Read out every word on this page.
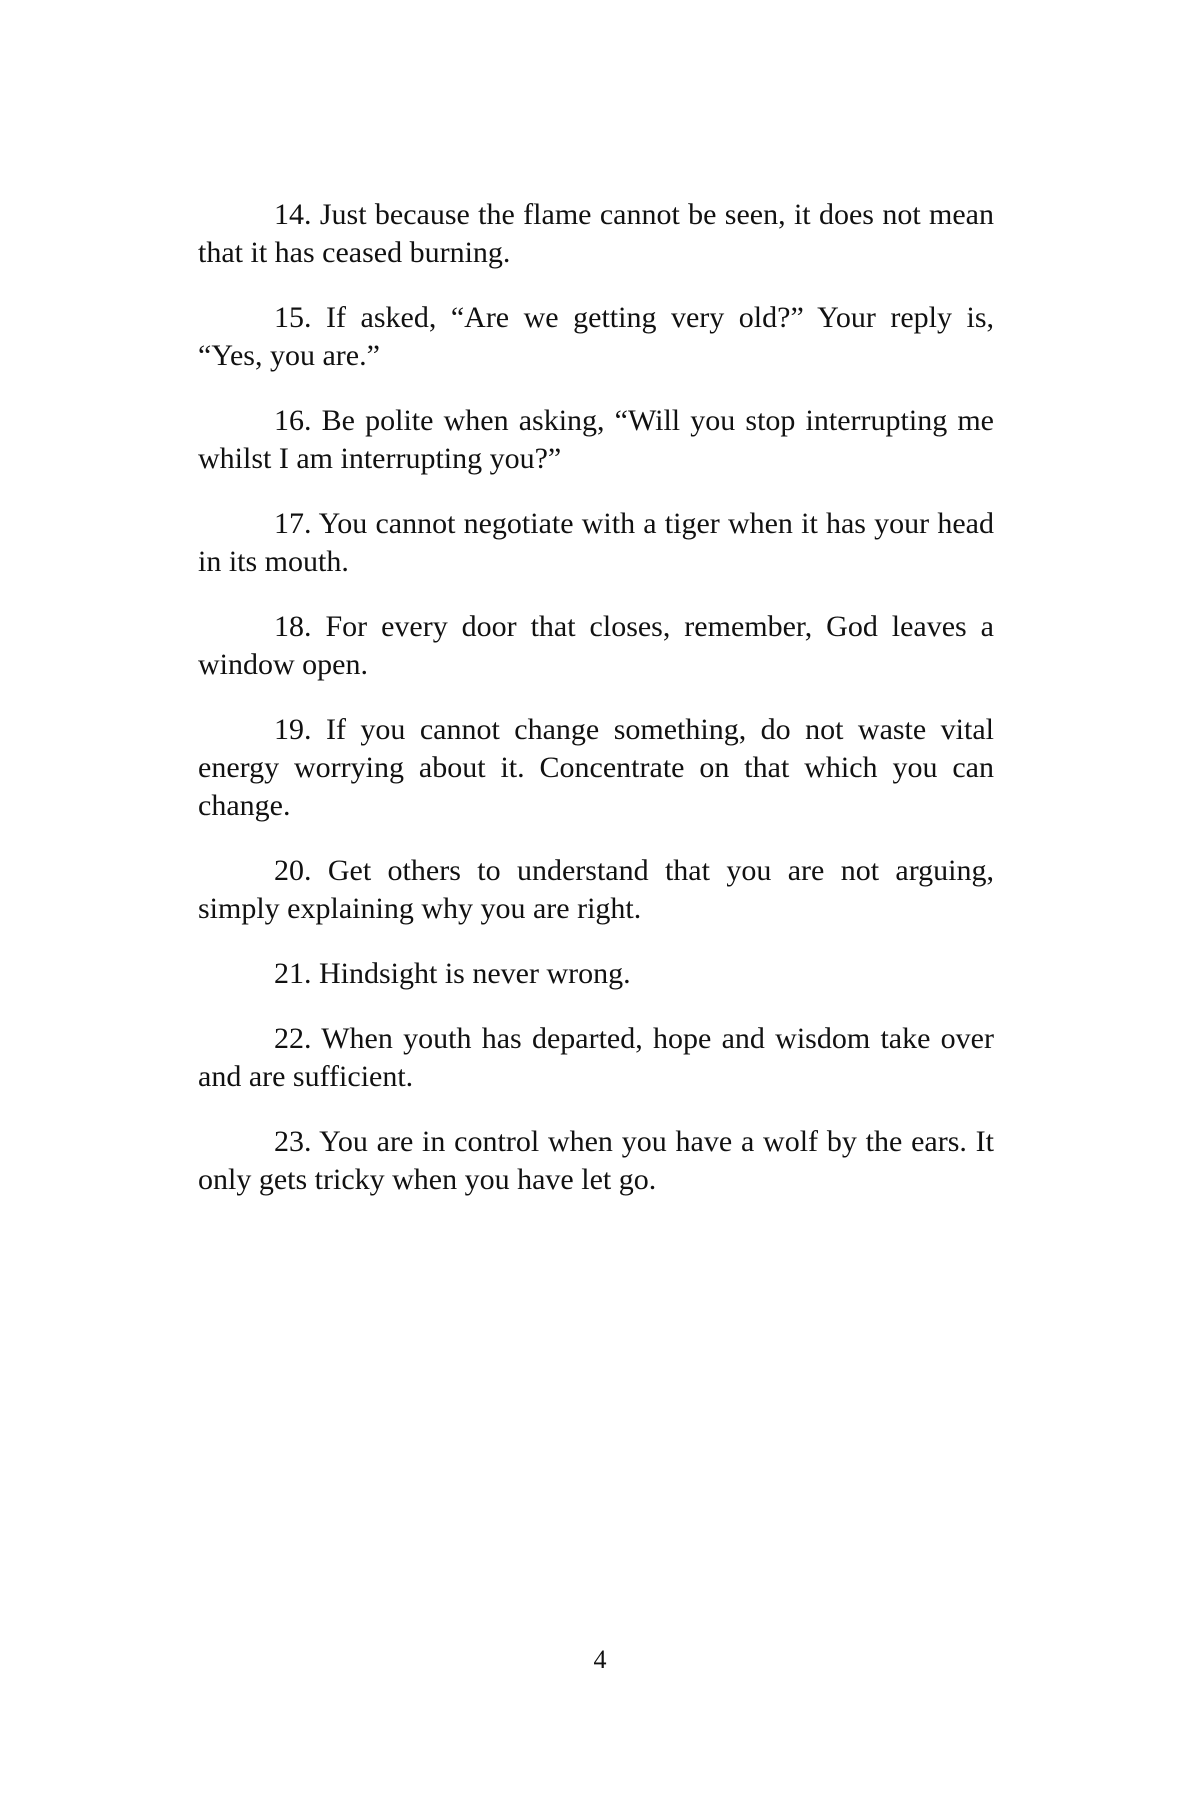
14. Just because the flame cannot be seen, it does not mean that it has ceased burning.

15. If asked, “Are we getting very old?” Your reply is, “Yes, you are.”

16. Be polite when asking, “Will you stop interrupting me whilst I am interrupting you?”

17. You cannot negotiate with a tiger when it has your head in its mouth.

18. For every door that closes, remember, God leaves a window open.

19. If you cannot change something, do not waste vital energy worrying about it. Concentrate on that which you can change.

20. Get others to understand that you are not arguing, simply explaining why you are right.

21. Hindsight is never wrong.

22. When youth has departed, hope and wisdom take over and are sufficient.

23. You are in control when you have a wolf by the ears. It only gets tricky when you have let go.

4
